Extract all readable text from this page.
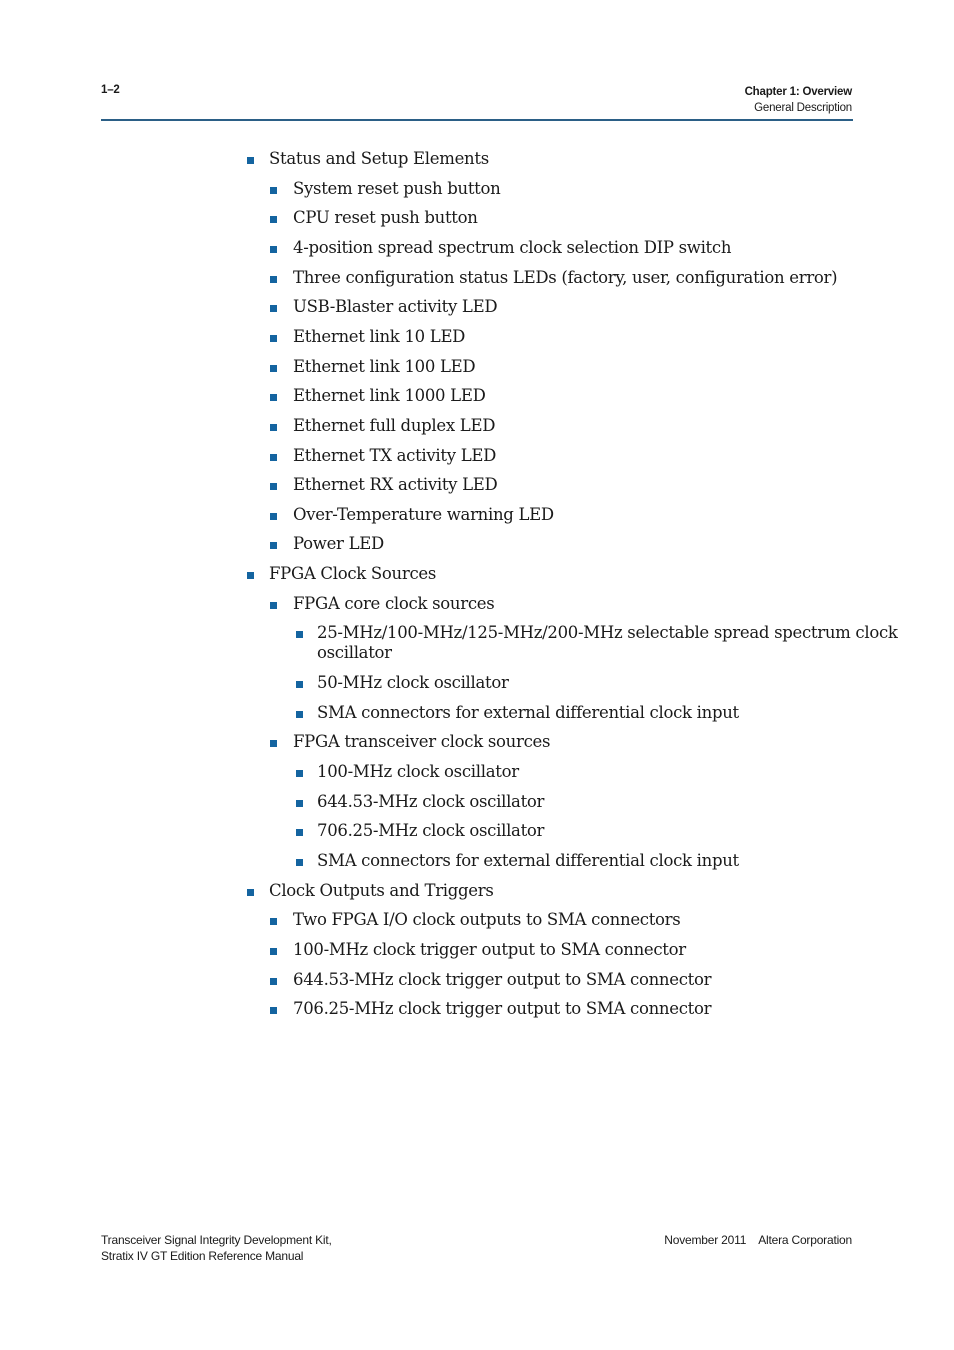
1–2	Chapter 1: Overview
General Description
Status and Setup Elements
System reset push button
CPU reset push button
4-position spread spectrum clock selection DIP switch
Three configuration status LEDs (factory, user, configuration error)
USB-Blaster activity LED
Ethernet link 10 LED
Ethernet link 100 LED
Ethernet link 1000 LED
Ethernet full duplex LED
Ethernet TX activity LED
Ethernet RX activity LED
Over-Temperature warning LED
Power LED
FPGA Clock Sources
FPGA core clock sources
25-MHz/100-MHz/125-MHz/200-MHz selectable spread spectrum clock
oscillator
50-MHz clock oscillator
SMA connectors for external differential clock input
FPGA transceiver clock sources
100-MHz clock oscillator
644.53-MHz clock oscillator
706.25-MHz clock oscillator
SMA connectors for external differential clock input
Clock Outputs and Triggers
Two FPGA I/O clock outputs to SMA connectors
100-MHz clock trigger output to SMA connector
644.53-MHz clock trigger output to SMA connector
706.25-MHz clock trigger output to SMA connector
Transceiver Signal Integrity Development Kit,
Stratix IV GT Edition Reference Manual
November 2011 Altera Corporation
